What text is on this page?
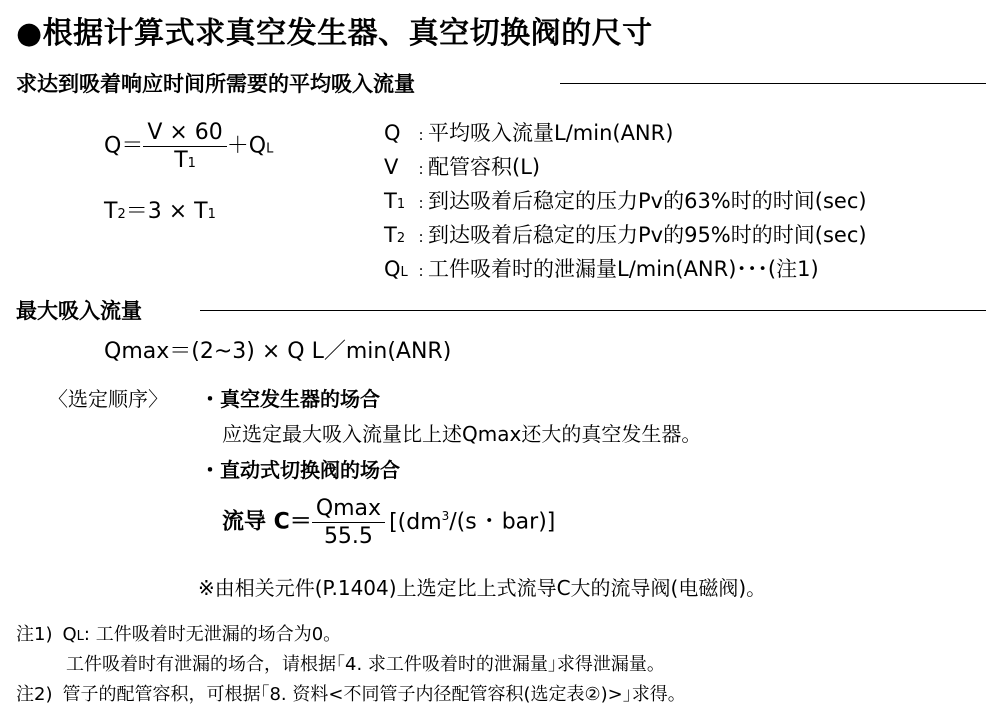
●根据计算式求真空发生器、真空切换阀的尺寸
求达到吸着响应时间所需要的平均吸入流量
$Q= \frac{V \times 60}{T1} +QL$
T2＝3 × T1
Q : 平均吸入流量L/min(ANR)
V : 配管容积(L)
T1 : 到达吸着后稳定的压力Pv的63%时的时间(sec)
T2 : 到达吸着后稳定的压力Pv的95%时的时间(sec)
QL : 工件吸着时的泄漏量L/min(ANR)･･･(注1)
最大吸入流量
Qmax＝(2~3) × Q L／min(ANR)
〈选定顺序〉 ・真空发生器的场合
应选定最大吸入流量比上述Qmax还大的真空发生器。
・直动式切换阀的场合
流导 $C= \frac{Qmax}{55.5} [(dm^3/(s$ ･ bar)]
※由相关元件(P.1404)上选定比上式流导C大的流导阀(电磁阀)。
注1) QL: 工件吸着时无泄漏的场合为0。
工件吸着时有泄漏的场合，请根据｢4. 求工件吸着时的泄漏量｣求得泄漏量。
注2) 管子的配管容积，可根据｢8. 资料<不同管子内径配管容积(选定表②)>｣求得。
